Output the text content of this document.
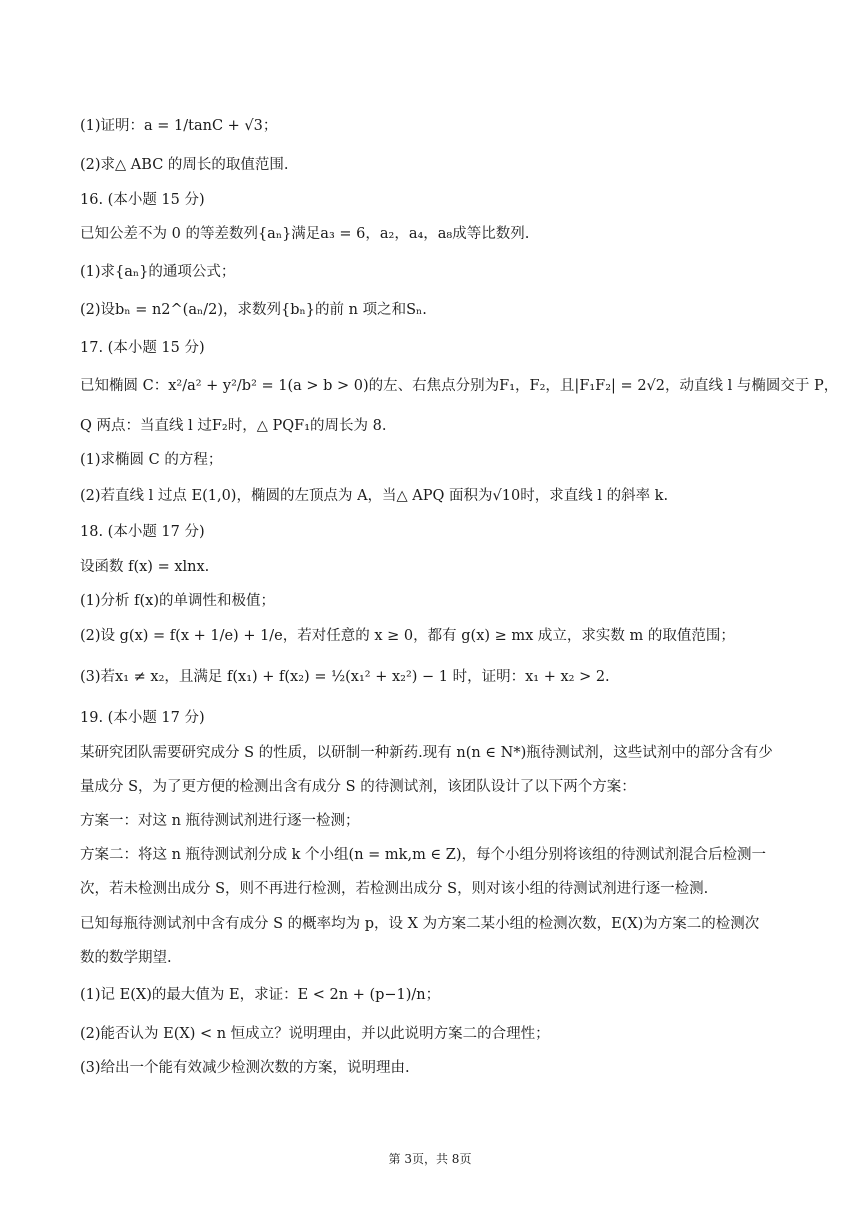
(1)证明：a = 1/tanC + √3；
(2)求△ ABC 的周长的取值范围.
16. (本小题 15 分)
已知公差不为 0 的等差数列{aₙ}满足a₃ = 6，a₂，a₄，a₈成等比数列.
(1)求{aₙ}的通项公式；
(2)设bₙ = n2^(aₙ/2)，求数列{bₙ}的前 n 项之和Sₙ.
17. (本小题 15 分)
已知椭圆 C：x²/a² + y²/b² = 1(a > b > 0)的左、右焦点分别为F₁，F₂，且|F₁F₂| = 2√2，动直线 l 与椭圆交于 P，
Q 两点：当直线 l 过F₂时，△ PQF₁的周长为 8.
(1)求椭圆 C 的方程；
(2)若直线 l 过点 E(1,0)，椭圆的左顶点为 A，当△ APQ 面积为√10时，求直线 l 的斜率 k.
18. (本小题 17 分)
设函数 f(x) = xlnx.
(1)分析 f(x)的单调性和极值；
(2)设 g(x) = f(x + 1/e) + 1/e，若对任意的 x ≥ 0，都有 g(x) ≥ mx 成立，求实数 m 的取值范围；
(3)若x₁ ≠ x₂，且满足 f(x₁) + f(x₂) = ½(x₁² + x₂²) − 1 时，证明：x₁ + x₂ > 2.
19. (本小题 17 分)
某研究团队需要研究成分 S 的性质，以研制一种新药.现有 n(n ∈ N*)瓶待测试剂，这些试剂中的部分含有少
量成分 S，为了更方便的检测出含有成分 S 的待测试剂，该团队设计了以下两个方案：
方案一：对这 n 瓶待测试剂进行逐一检测；
方案二：将这 n 瓶待测试剂分成 k 个小组(n = mk,m ∈ Z)，每个小组分别将该组的待测试剂混合后检测一
次，若未检测出成分 S，则不再进行检测，若检测出成分 S，则对该小组的待测试剂进行逐一检测.
已知每瓶待测试剂中含有成分 S 的概率均为 p，设 X 为方案二某小组的检测次数，E(X)为方案二的检测次
数的数学期望.
(1)记 E(X)的最大值为 E，求证：E < 2n + (p−1)/n；
(2)能否认为 E(X) < n 恒成立？说明理由，并以此说明方案二的合理性；
(3)给出一个能有效减少检测次数的方案，说明理由.
第 3页，共 8页
